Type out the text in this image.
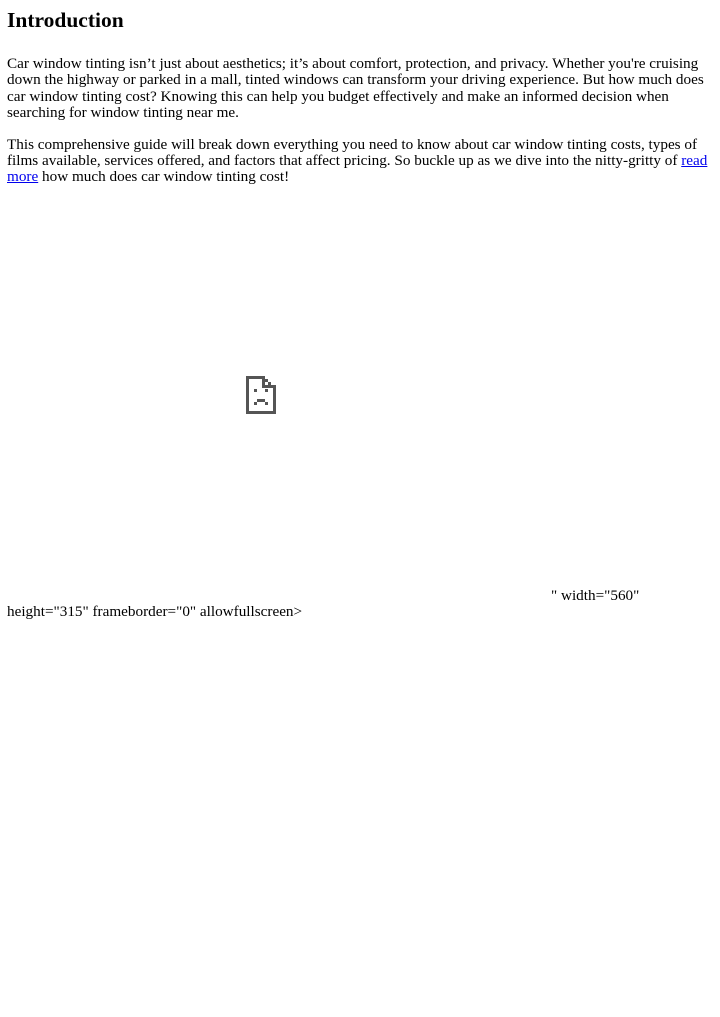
Introduction

Car window tinting isn’t just about aesthetics; it’s about comfort, protection, and privacy. Whether you're cruising down the highway or parked in a mall, tinted windows can transform your driving experience. But how much does car window tinting cost? Knowing this can help you budget effectively and make an informed decision when searching for window tinting near me.

This comprehensive guide will break down everything you need to know about car window tinting costs, types of films available, services offered, and factors that affect pricing. So buckle up as we dive into the nitty-gritty of read more how much does car window tinting cost!

" width="560"
height="315" frameborder="0" allowfullscreen>
